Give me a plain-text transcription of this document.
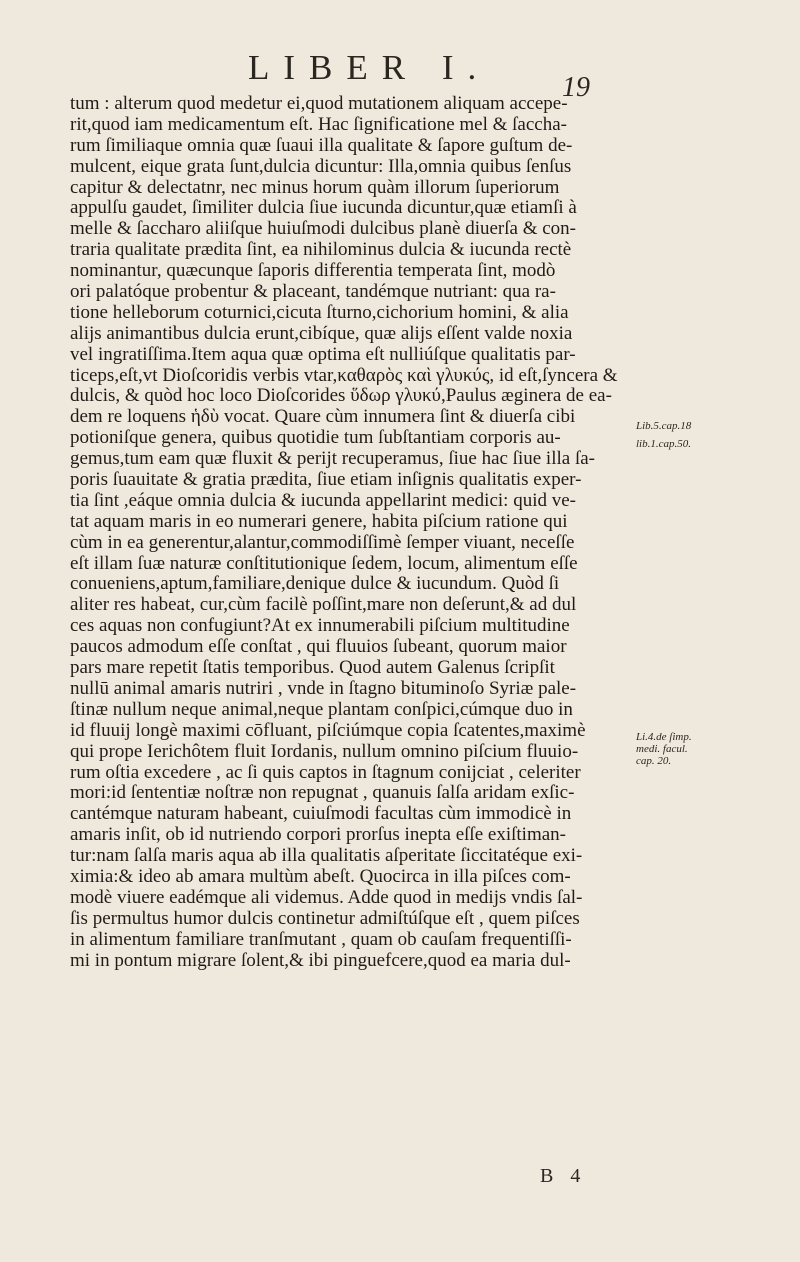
LIBER I.
19
tum : alterum quod medetur ei,quod mutationem aliquam accepe-
rit,quod iam medicamentum eſt. Hac ſignificatione mel & ſaccha-
rum ſimiliaque omnia quæ ſuaui illa qualitate & ſapore guſtum de-
mulcent, eique grata ſunt,dulcia dicuntur: Illa,omnia quibus ſenſus
capitur & delectatnr, nec minus horum quàm illorum ſuperiorum
appulſu gaudet, ſimiliter dulcia ſiue iucunda dicuntur,quæ etiamſi à
melle & ſaccharo aliiſque huiuſmodi dulcibus planè diuerſa & con-
traria qualitate prædita ſint, ea nihilominus dulcia & iucunda rectè
nominantur, quæcunque ſaporis differentia temperata ſint, modò
ori palatóque probentur & placeant, tandémque nutriant: qua ra-
tione helleborum coturnici,cicuta ſturno,cichorium homini, & alia
alijs animantibus dulcia erunt,cibíque, quæ alijs eſſent valde noxia
vel ingratiſſima.Item aqua quæ optima eſt nulliúſque qualitatis par-
ticeps,eſt,vt Dioſcoridis verbis vtar,καθαρὸς καὶ γλυκύς, id eſt,ſyncera &
dulcis, & quòd hoc loco Dioſcorides ὕδωρ γλυκύ,Paulus æginera de ea-
dem re loquens ἡδὺ vocat. Quare cùm innumera ſint & diuerſa cibi
potioniſque genera, quibus quotidie tum ſubſtantiam corporis au-
gemus,tum eam quæ fluxit & perijt recuperamus, ſiue hac ſiue illa ſa-
poris ſuauitate & gratia prædita, ſiue etiam inſignis qualitatis exper-
tia ſint ,eáque omnia dulcia & iucunda appellarint medici: quid ve-
tat aquam maris in eo numerari genere, habita piſcium ratione qui
cùm in ea generentur,alantur,commodiſſimè ſemper viuant, neceſſe
eſt illam ſuæ naturæ conſtitutionique ſedem, locum, alimentum eſſe
conueniens,aptum,familiare,denique dulce & iucundum. Quòd ſi
aliter res habeat, cur,cùm facilè poſſint,mare non deſerunt,& ad dul
ces aquas non confugiunt?At ex innumerabili piſcium multitudine
paucos admodum eſſe conſtat , qui fluuios ſubeant, quorum maior
pars mare repetit ſtatis temporibus. Quod autem Galenus ſcripſit
nullū animal amaris nutriri , vnde in ſtagno bituminoſo Syriæ pale-
ſtinæ nullum neque animal,neque plantam conſpici,cúmque duo in
id fluuij longè maximi cōfluant, piſciúmque copia ſcatentes,maximè
qui prope Ierichôtem fluit Iordanis, nullum omnino piſcium fluuio-
rum oſtia excedere , ac ſi quis captos in ſtagnum conijciat , celeriter
mori:id ſententiæ noſtræ non repugnat , quanuis ſalſa aridam exſic-
cantémque naturam habeant, cuiuſmodi facultas cùm immodicè in
amaris inſit, ob id nutriendo corpori prorſus inepta eſſe exiſtiman-
tur:nam ſalſa maris aqua ab illa qualitatis aſperitate ſiccitatéque exi-
ximia:& ideo ab amara multùm abeſt. Quocirca in illa piſces com-
modè viuere eadémque ali videmus. Adde quod in medijs vndis ſal-
ſis permultus humor dulcis continetur admiſtúſque eſt , quem piſces
in alimentum familiare tranſmutant , quam ob cauſam frequentiſſi-
mi in pontum migrare ſolent,& ibi pinguefcere,quod ea maria dul-
Lib.5.cap.18
lib.1.cap.50.
Li.4.de ſimp. medi. facul. cap. 20.
B 4
